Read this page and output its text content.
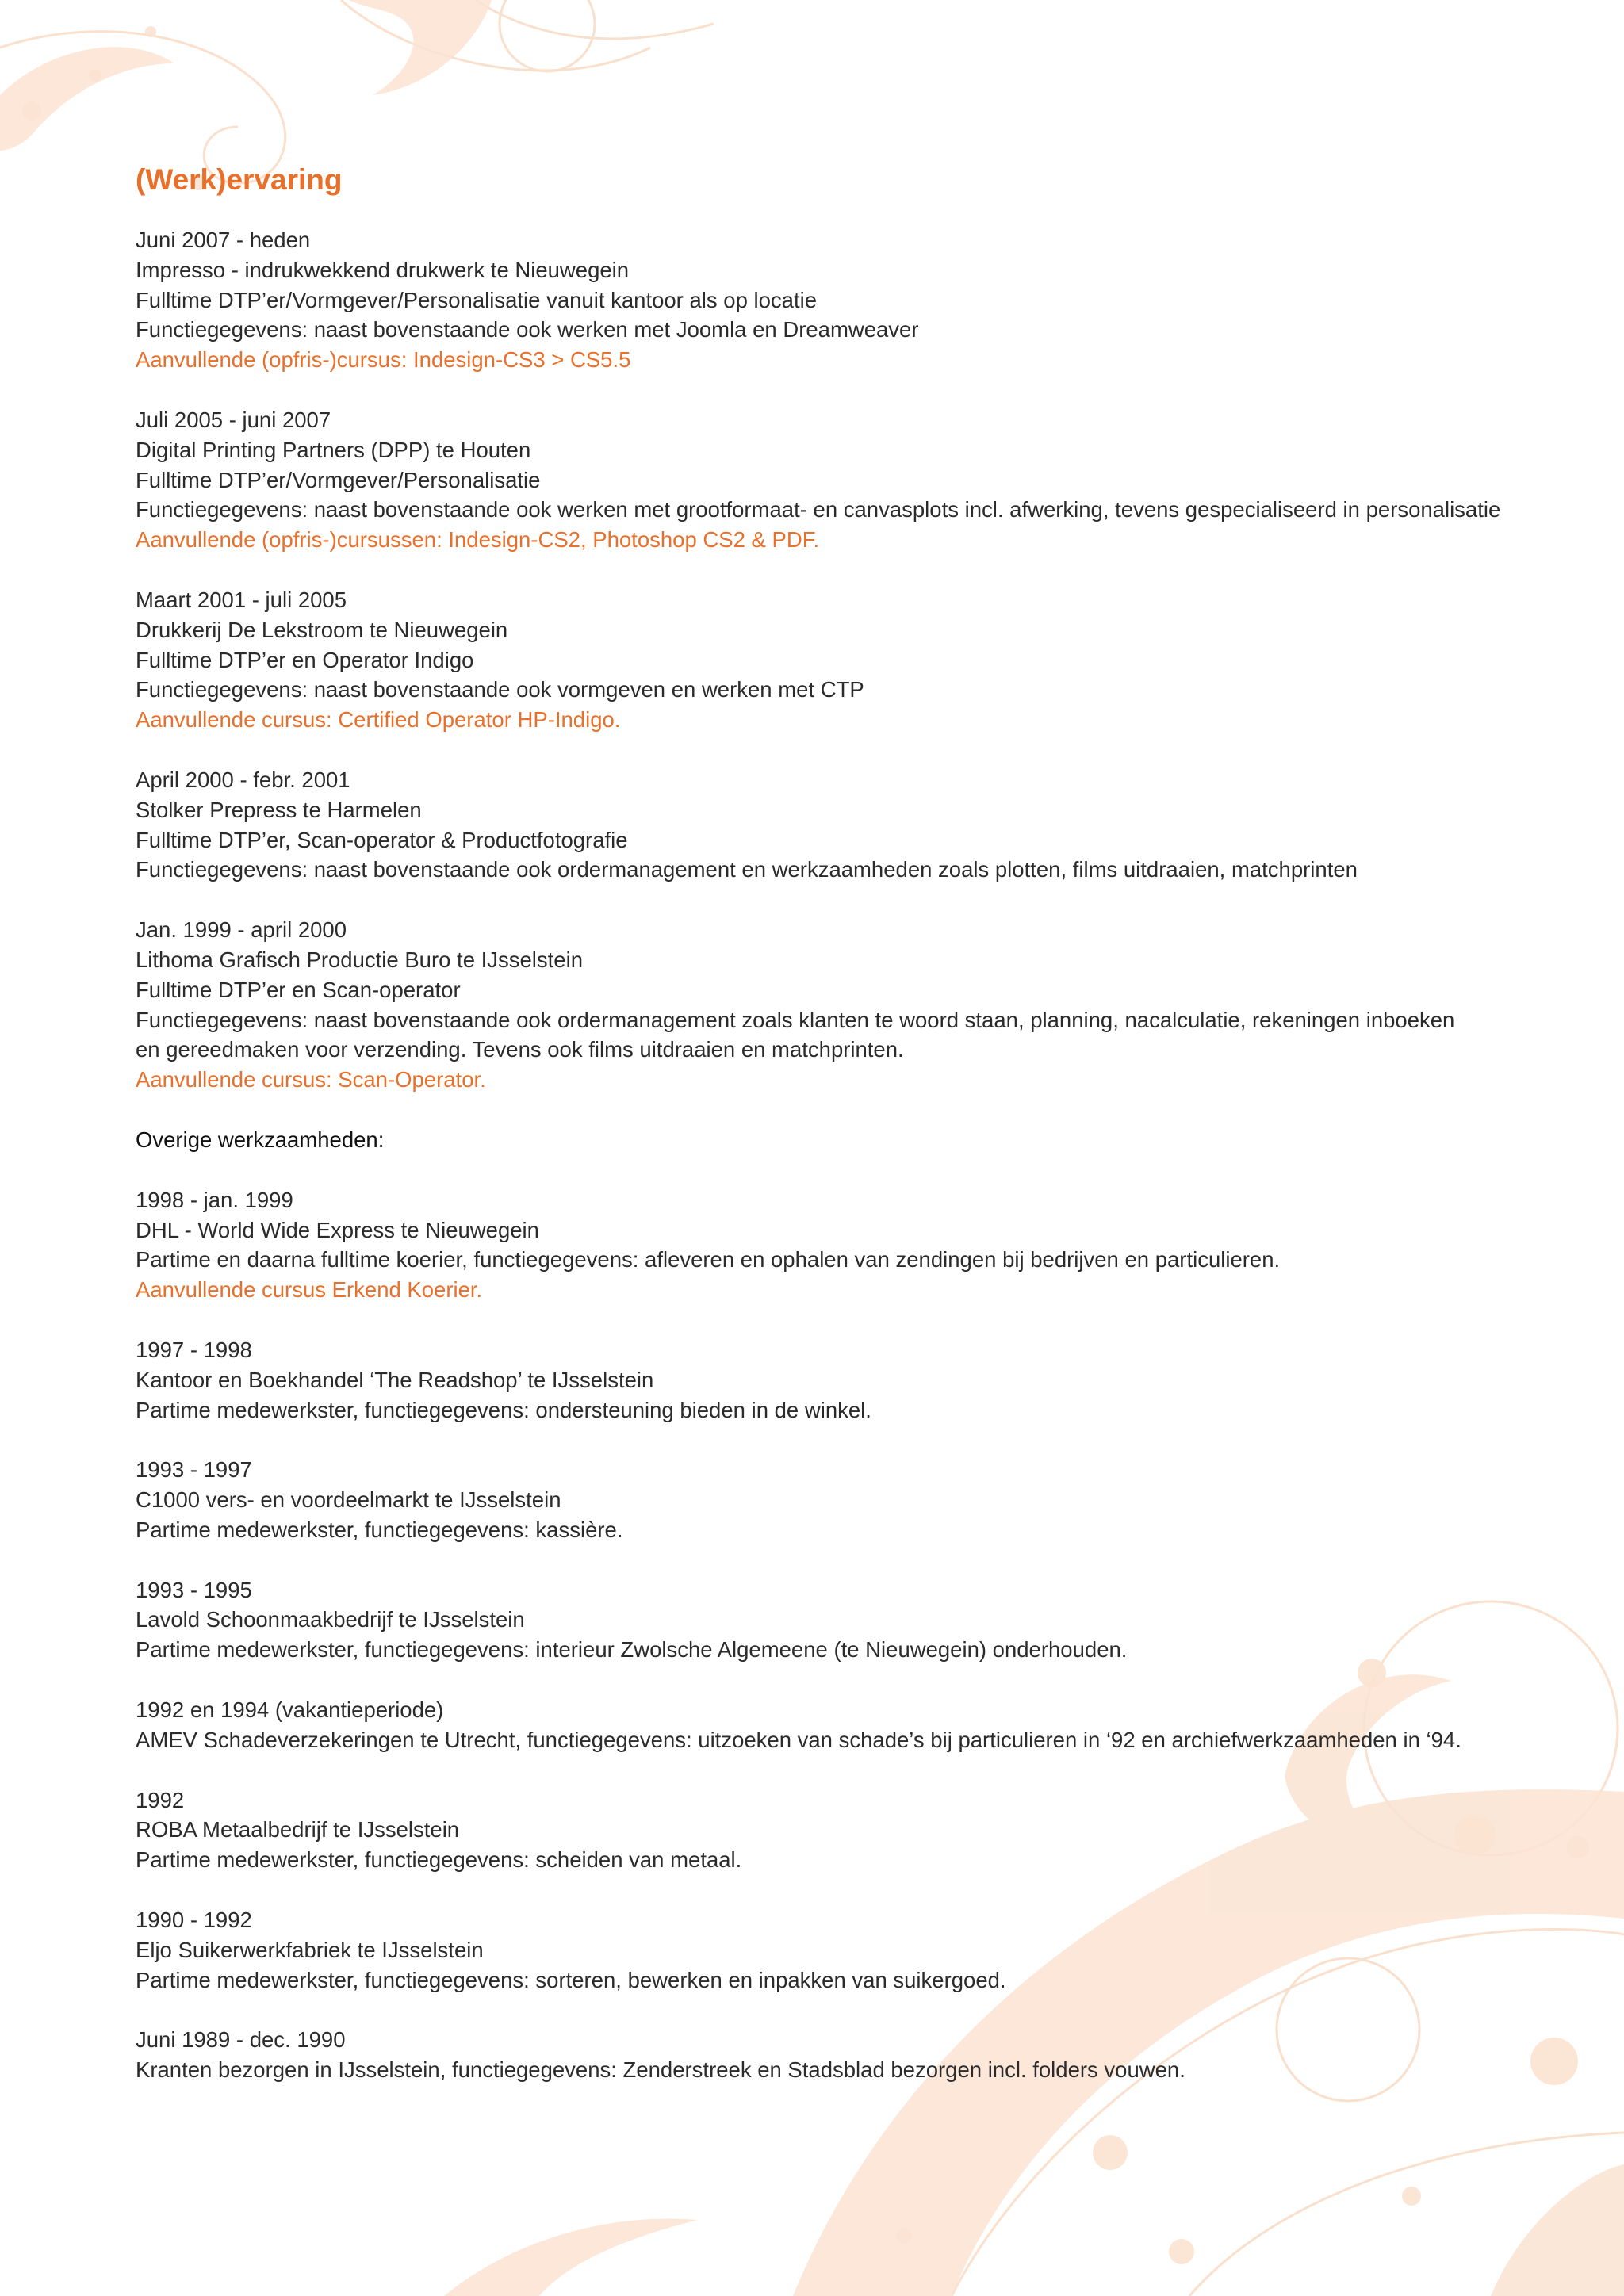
(Werk)ervaring
Juni 2007 - heden
Impresso - indrukwekkend drukwerk te Nieuwegein
Fulltime DTP’er/Vormgever/Personalisatie vanuit kantoor als op locatie
Functiegegevens: naast bovenstaande ook werken met Joomla en Dreamweaver
Aanvullende (opfris-)cursus: Indesign-CS3 > CS5.5
Juli 2005 - juni 2007
Digital Printing Partners (DPP) te Houten
Fulltime DTP’er/Vormgever/Personalisatie
Functiegegevens: naast bovenstaande ook werken met grootformaat- en canvasplots incl. afwerking, tevens gespecialiseerd in personalisatie
Aanvullende (opfris-)cursussen: Indesign-CS2, Photoshop CS2 & PDF.
Maart 2001 - juli 2005
Drukkerij De Lekstroom te Nieuwegein
Fulltime DTP’er en Operator Indigo
Functiegegevens: naast bovenstaande ook vormgeven en werken met CTP
Aanvullende cursus: Certified Operator HP-Indigo.
April 2000 - febr. 2001
Stolker Prepress te Harmelen
Fulltime DTP’er, Scan-operator & Productfotografie
Functiegegevens: naast bovenstaande ook ordermanagement en werkzaamheden zoals plotten, films uitdraaien, matchprinten
Jan. 1999 - april 2000
Lithoma Grafisch Productie Buro te IJsselstein
Fulltime DTP’er en Scan-operator
Functiegegevens: naast bovenstaande ook ordermanagement zoals klanten te woord staan, planning, nacalculatie, rekeningen inboeken en gereedmaken voor verzending. Tevens ook films uitdraaien en matchprinten.
Aanvullende cursus: Scan-Operator.
Overige werkzaamheden:
1998 - jan. 1999
DHL - World Wide Express te Nieuwegein
Partime en daarna fulltime koerier, functiegegevens: afleveren en ophalen van zendingen bij bedrijven en particulieren.
Aanvullende cursus Erkend Koerier.
1997 - 1998
Kantoor en Boekhandel ‘The Readshop’ te IJsselstein
Partime medewerkster, functiegegevens: ondersteuning bieden in de winkel.
1993 - 1997
C1000 vers- en voordeelmarkt te IJsselstein
Partime medewerkster, functiegegevens: kassière.
1993 - 1995
Lavold Schoonmaakbedrijf te IJsselstein
Partime medewerkster, functiegegevens: interieur Zwolsche Algemeene (te Nieuwegein) onderhouden.
1992 en 1994 (vakantieperiode)
AMEV Schadeverzekeringen te Utrecht, functiegegevens: uitzoeken van schade’s bij particulieren in ‘92 en archiefwerkzaamheden in ‘94.
1992
ROBA Metaalbedrijf te IJsselstein
Partime medewerkster, functiegegevens: scheiden van metaal.
1990 - 1992
Eljo Suikerwerkfabriek te IJsselstein
Partime medewerkster, functiegegevens: sorteren, bewerken en inpakken van suikergoed.
Juni 1989 - dec. 1990
Kranten bezorgen in IJsselstein, functiegegevens: Zenderstreek en Stadsblad bezorgen incl. folders vouwen.
